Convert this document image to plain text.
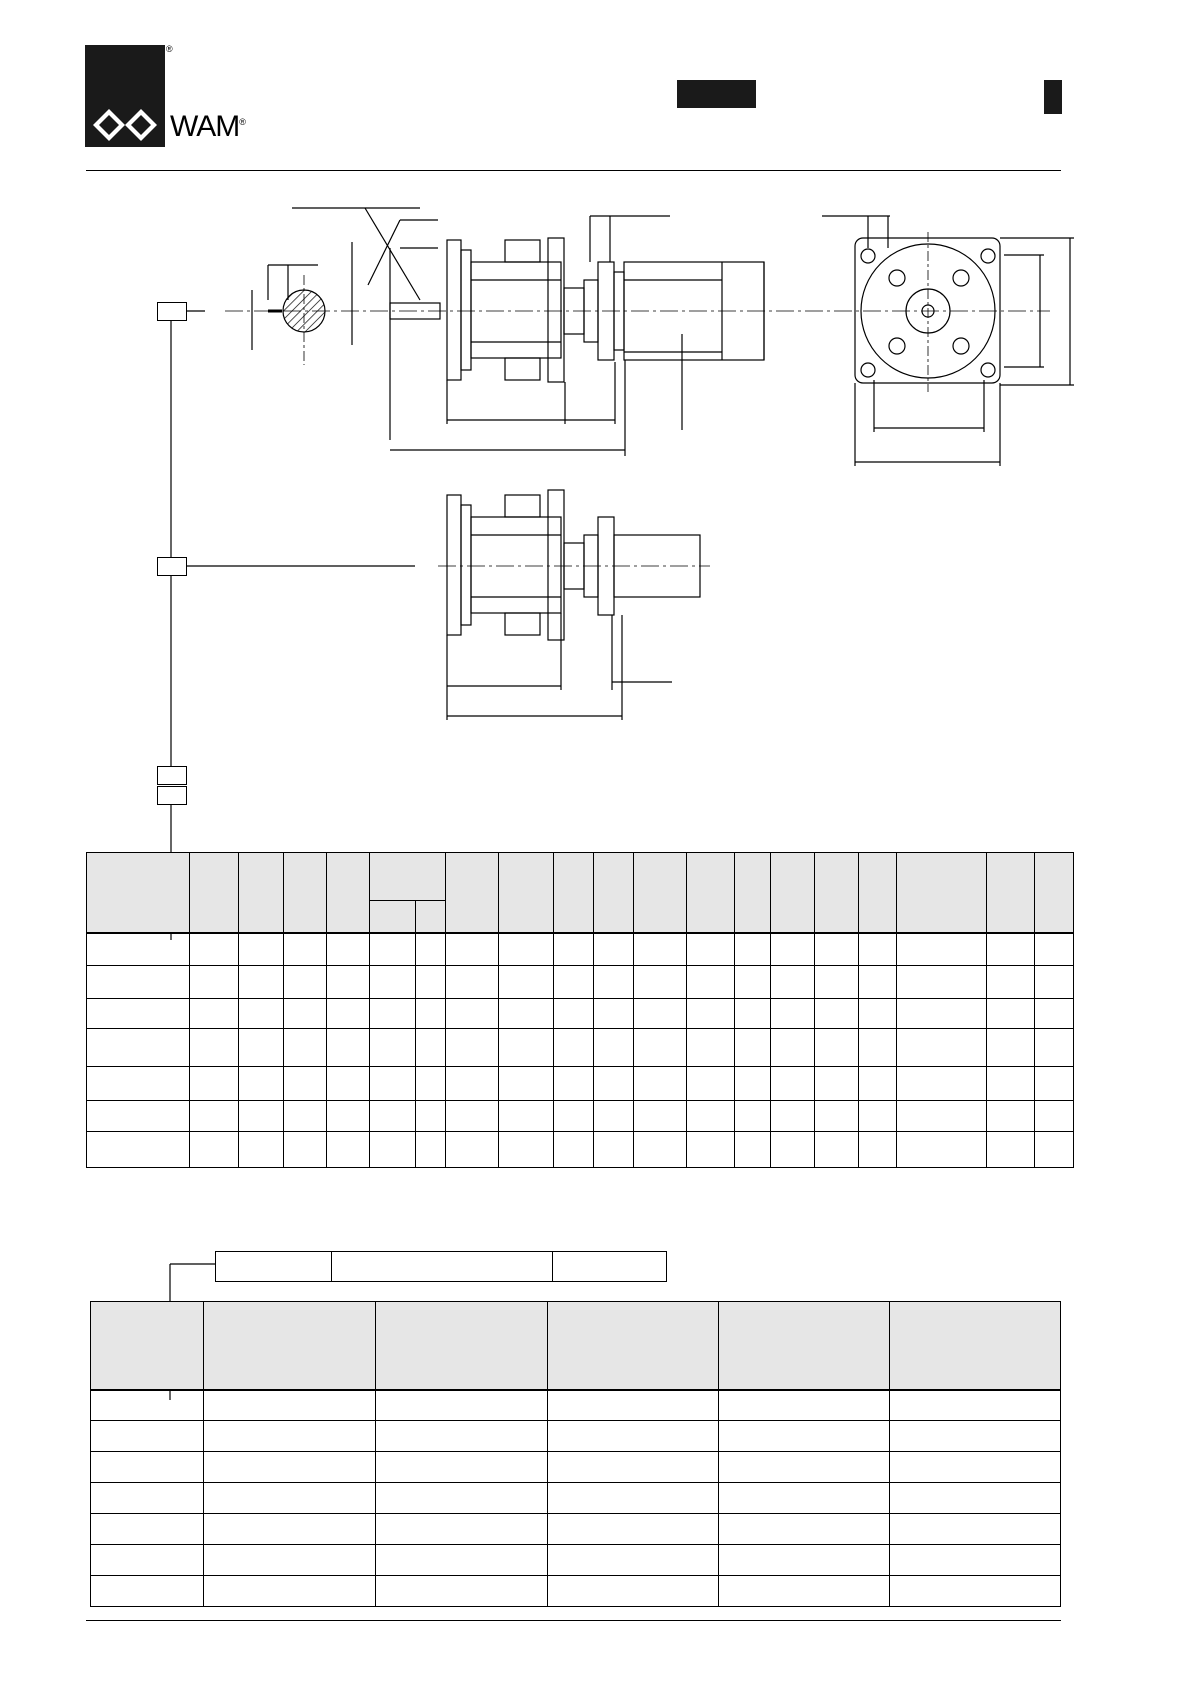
®
WAM®
